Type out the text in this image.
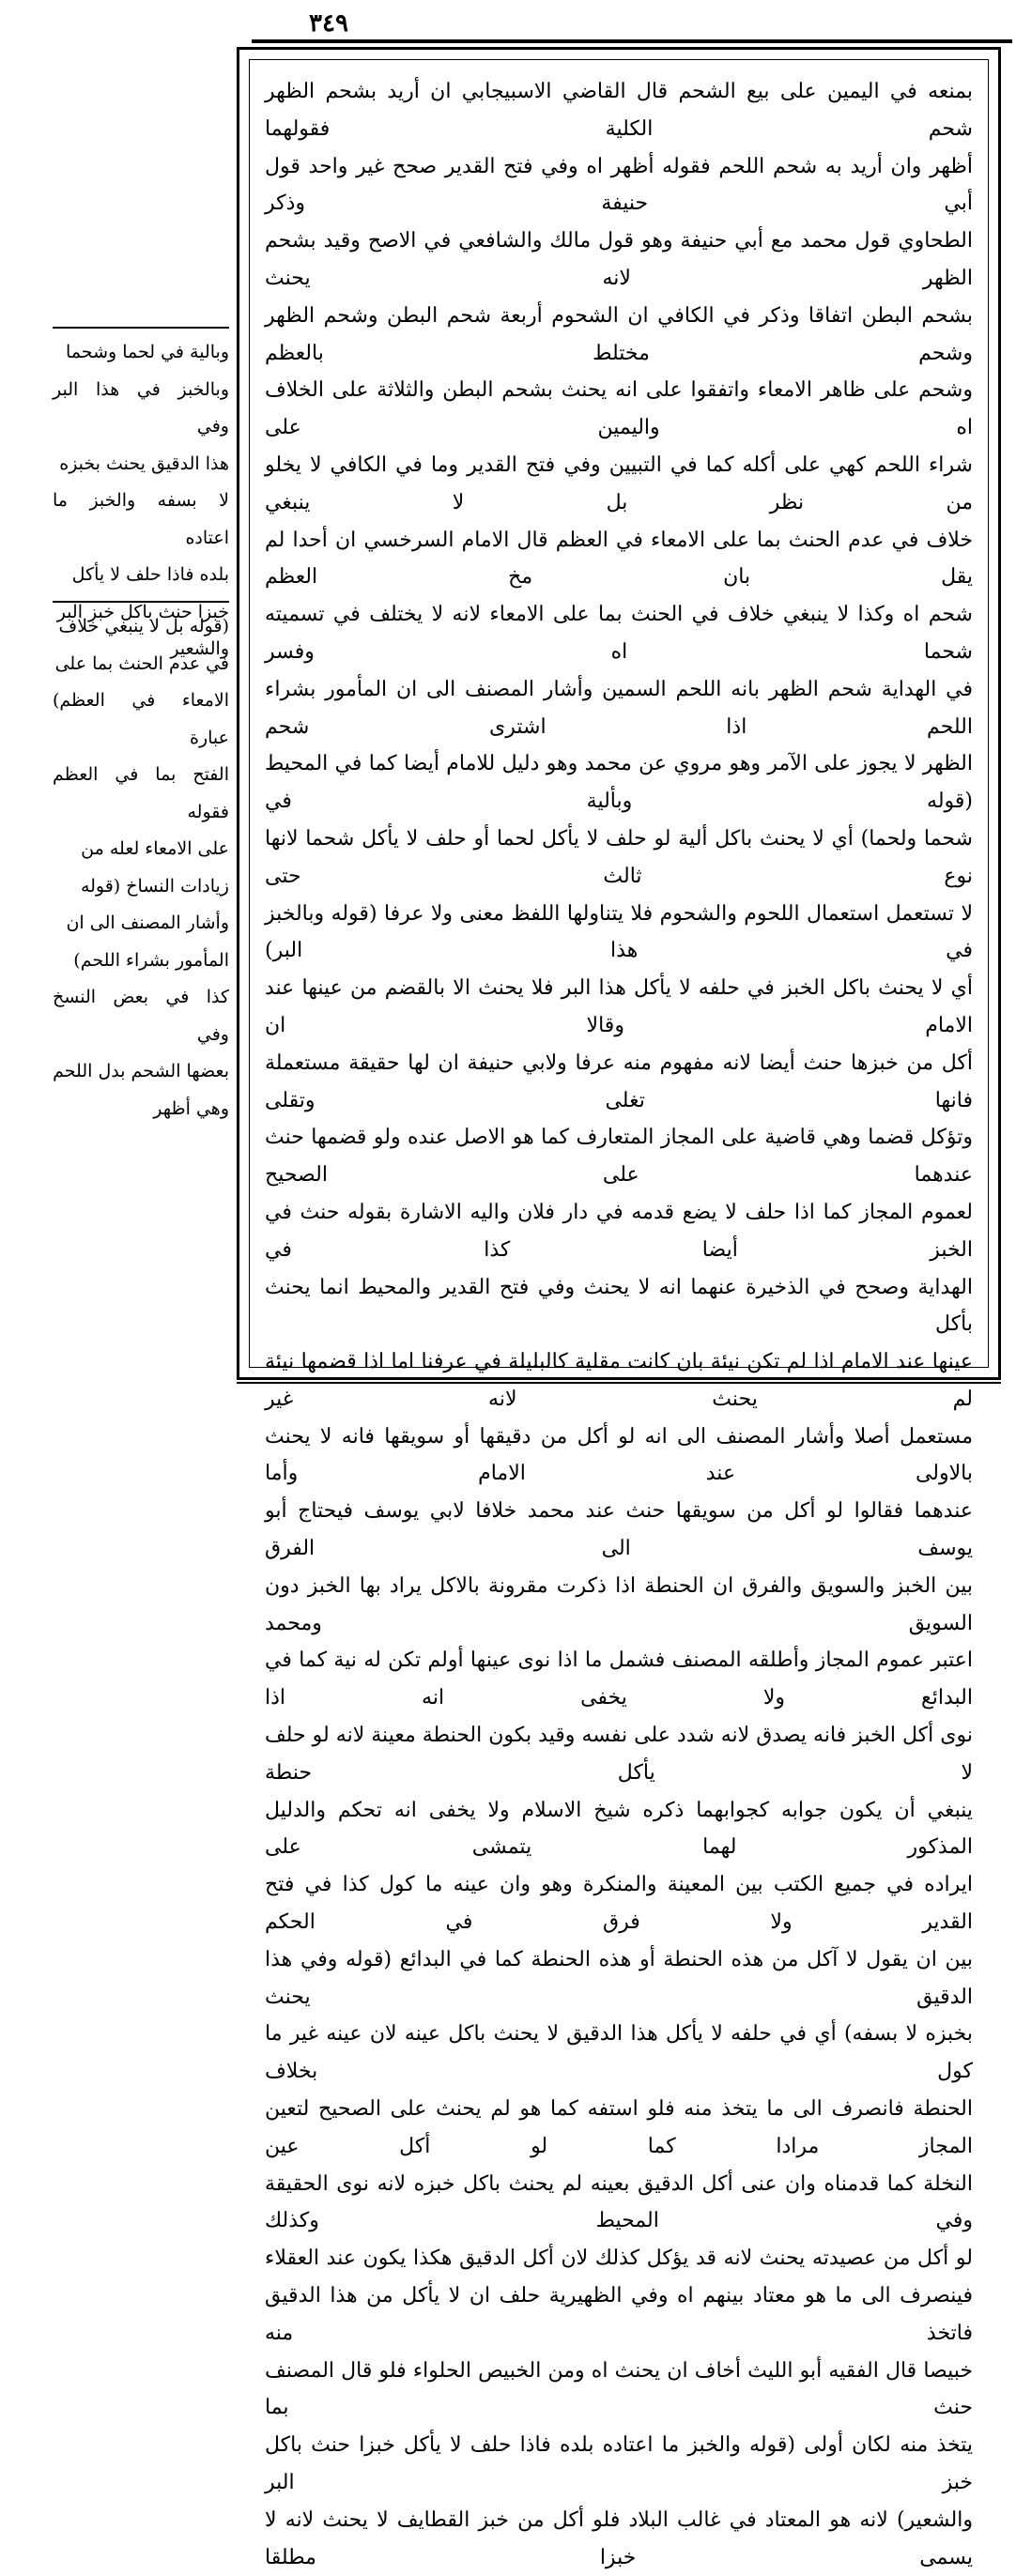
٣٤٩
بمنعه في اليمين على بيع الشحم قال القاضي الاسبيجابي ان أريد بشحم الظهر شحم الكلية فقولهما
أظهر وان أريد به شحم اللحم فقوله أظهر اه وفي فتح القدير صحح غير واحد قول أبي حنيفة وذكر
الطحاوي قول محمد مع أبي حنيفة وهو قول مالك والشافعي في الاصح وقيد بشحم الظهر لانه يحنث
بشحم البطن اتفاقا وذكر في الكافي ان الشحوم أربعة شحم البطن وشحم الظهر وشحم مختلط بالعظم
وشحم على ظاهر الامعاء واتفقوا على انه يحنث بشحم البطن والثلاثة على الخلاف اه واليمين على
شراء اللحم كهي على أكله كما في التبيين وفي فتح القدير وما في الكافي لا يخلو من نظر بل لا ينبغي
خلاف في عدم الحنث بما على الامعاء في العظم قال الامام السرخسي ان أحدا لم يقل بان مخ العظم
شحم اه وكذا لا ينبغي خلاف في الحنث بما على الامعاء لانه لا يختلف في تسميته شحما اه وفسر
في الهداية شحم الظهر بانه اللحم السمين وأشار المصنف الى ان المأمور بشراء اللحم اذا اشترى شحم
الظهر لا يجوز على الآمر وهو مروي عن محمد وهو دليل للامام أيضا كما في المحيط (قوله وبألية في
شحما ولحما) أي لا يحنث باكل ألية لو حلف لا يأكل لحما أو حلف لا يأكل شحما لانها نوع ثالث حتى
لا تستعمل استعمال اللحوم والشحوم فلا يتناولها اللفظ معنى ولا عرفا (قوله وبالخبز في هذا البر)
أي لا يحنث باكل الخبز في حلفه لا يأكل هذا البر فلا يحنث الا بالقضم من عينها عند الامام وقالا ان
أكل من خبزها حنث أيضا لانه مفهوم منه عرفا ولابي حنيفة ان لها حقيقة مستعملة فانها تغلى وتقلى
وتؤكل قضما وهي قاضية على المجاز المتعارف كما هو الاصل عنده ولو قضمها حنث عندهما على الصحيح
لعموم المجاز كما اذا حلف لا يضع قدمه في دار فلان واليه الاشارة بقوله حنث في الخبز أيضا كذا في
الهداية وصحح في الذخيرة عنهما انه لا يحنث وفي فتح القدير والمحيط انما يحنث بأكل
عينها عند الامام اذا لم تكن نيئة بان كانت مقلية كالبليلة في عرفنا اما اذا قضمها نيئة لم يحنث لانه غير
مستعمل أصلا وأشار المصنف الى انه لو أكل من دقيقها أو سويقها فانه لا يحنث بالاولى عند الامام وأما
عندهما فقالوا لو أكل من سويقها حنث عند محمد خلافا لابي يوسف فيحتاج أبو يوسف الى الفرق
بين الخبز والسويق والفرق ان الحنطة اذا ذكرت مقرونة بالاكل يراد بها الخبز دون السويق ومحمد
اعتبر عموم المجاز وأطلقه المصنف فشمل ما اذا نوى عينها أولم تكن له نية كما في البدائع ولا يخفى انه اذا
نوى أكل الخبز فانه يصدق لانه شدد على نفسه وقيد بكون الحنطة معينة لانه لو حلف لا يأكل حنطة
ينبغي أن يكون جوابه كجوابهما ذكره شيخ الاسلام ولا يخفى انه تحكم والدليل المذكور لهما يتمشى على
ايراده في جميع الكتب بين المعينة والمنكرة وهو وان عينه ما كول كذا في فتح القدير ولا فرق في الحكم
بين ان يقول لا آكل من هذه الحنطة أو هذه الحنطة كما في البدائع (قوله وفي هذا الدقيق يحنث
بخبزه لا بسفه) أي في حلفه لا يأكل هذا الدقيق لا يحنث باكل عينه لان عينه غير ما كول بخلاف
الحنطة فانصرف الى ما يتخذ منه فلو استفه كما هو لم يحنث على الصحيح لتعين المجاز مرادا كما لو أكل عين
النخلة كما قدمناه وان عنى أكل الدقيق بعينه لم يحنث باكل خبزه لانه نوى الحقيقة وفي المحيط وكذلك
لو أكل من عصيدته يحنث لانه قد يؤكل كذلك لان أكل الدقيق هكذا يكون عند العقلاء
فينصرف الى ما هو معتاد بينهم اه وفي الظهيرية حلف ان لا يأكل من هذا الدقيق فاتخذ منه
خبيصا قال الفقيه أبو الليث أخاف ان يحنث اه ومن الخبيص الحلواء فلو قال المصنف حنث بما
يتخذ منه لكان أولى (قوله والخبز ما اعتاده بلده فاذا حلف لا يأكل خبزا حنث باكل خبز البر
والشعير) لانه هو المعتاد في غالب البلاد فلو أكل من خبز القطايف لا يحنث لانه لا يسمى خبزا مطلقا
وبالية في لحما وشحما
وبالخبز في هذا البر وفي
هذا الدقيق يحنث بخبزه
لا بسفه والخبز ما اعتاده
بلده فاذا حلف لا يأكل
خبزا حنث باكل خبز البر
والشعير
(قوله بل لا ينبغي خلاف
في عدم الحنث بما على
الامعاء في العظم) عبارة
الفتح بما في العظم فقوله
على الامعاء لعله من
زيادات النساخ (قوله
وأشار المصنف الى ان
المأمور بشراء اللحم)
كذا في بعض النسخ وفي
بعضها الشحم بدل اللحم
وهي أظهر
